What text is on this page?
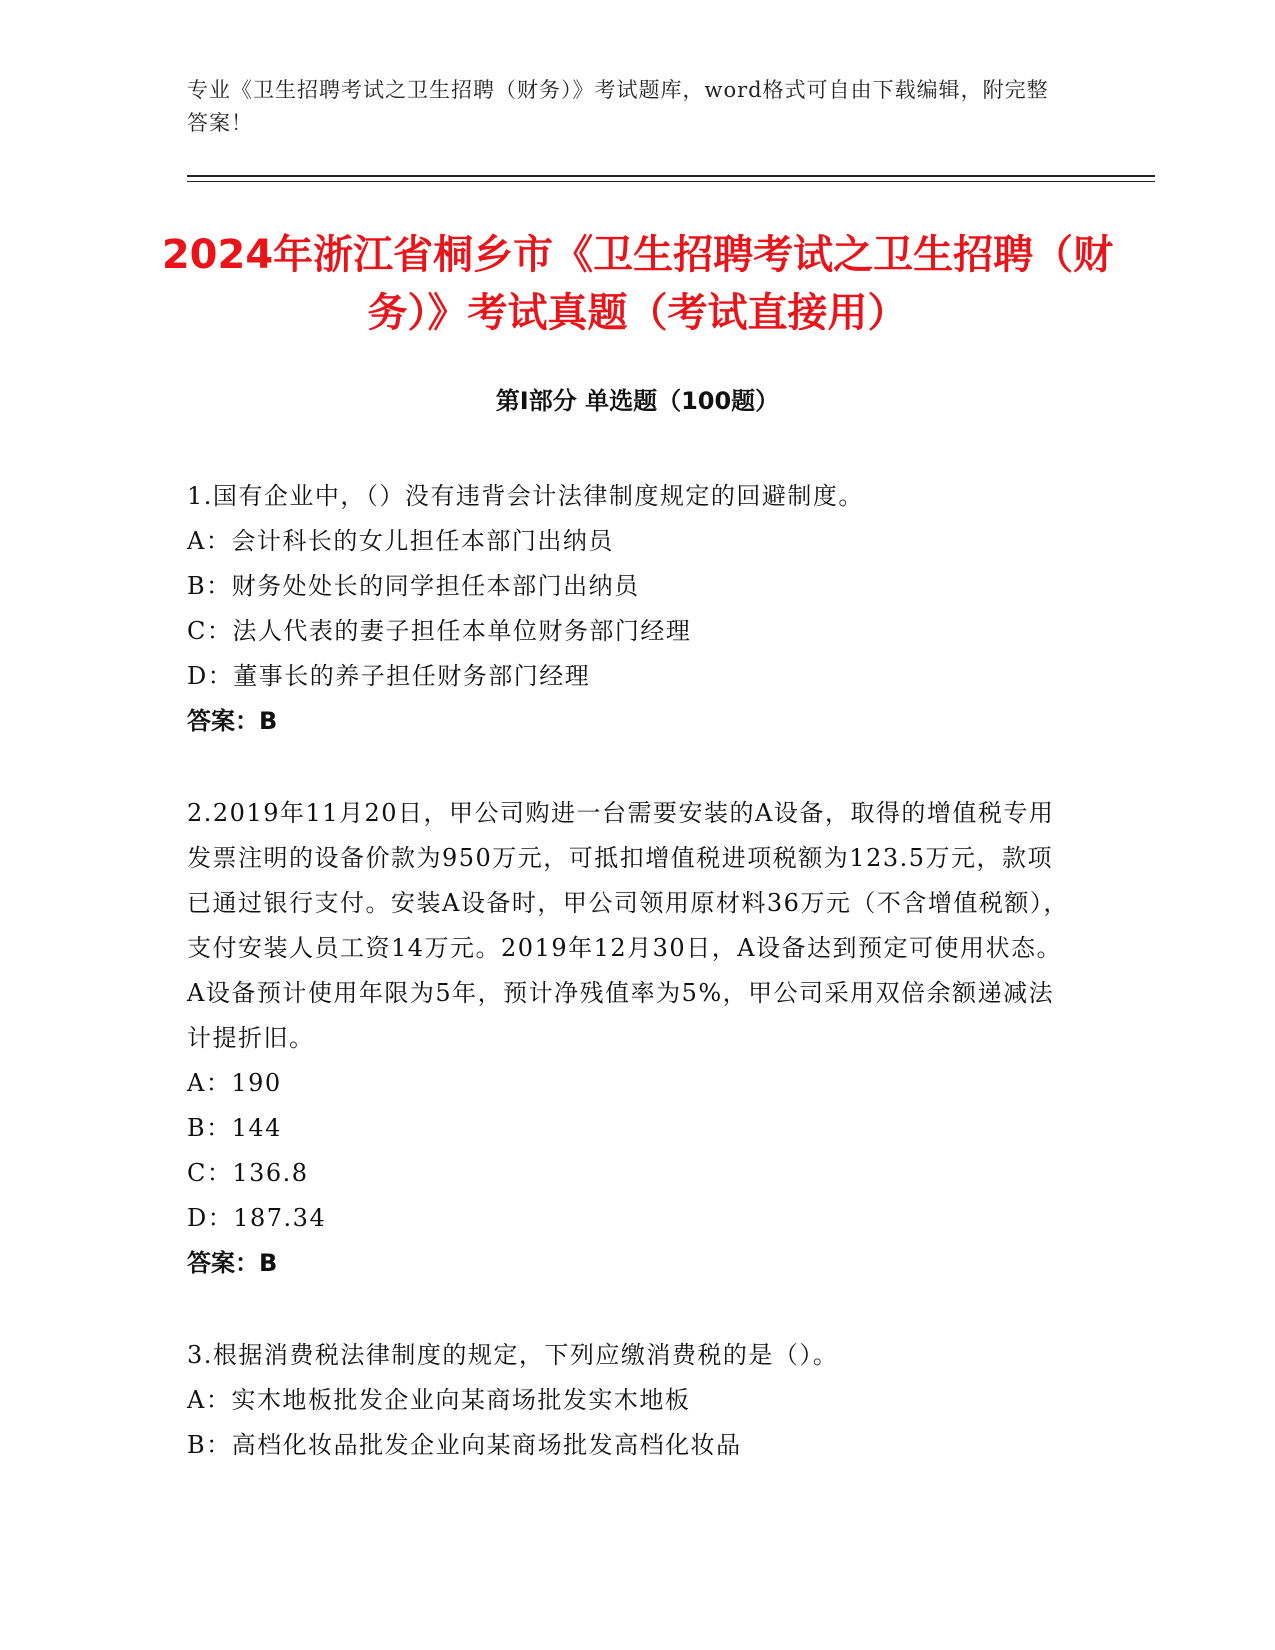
专业《卫生招聘考试之卫生招聘（财务）》考试题库，word格式可自由下载编辑，附完整答案！
2024年浙江省桐乡市《卫生招聘考试之卫生招聘（财务）》考试真题（考试直接用）
第Ⅰ部分 单选题（100题）
1.国有企业中，（）没有违背会计法律制度规定的回避制度。
A：会计科长的女儿担任本部门出纳员
B：财务处处长的同学担任本部门出纳员
C：法人代表的妻子担任本单位财务部门经理
D：董事长的养子担任财务部门经理
答案：B
2.2019年11月20日，甲公司购进一台需要安装的A设备，取得的增值税专用发票注明的设备价款为950万元，可抵扣增值税进项税额为123.5万元，款项已通过银行支付。安装A设备时，甲公司领用原材料36万元（不含增值税额），支付安装人员工资14万元。2019年12月30日，A设备达到预定可使用状态。A设备预计使用年限为5年，预计净残值率为5%，甲公司采用双倍余额递减法计提折旧。
A：190
B：144
C：136.8
D：187.34
答案：B
3.根据消费税法律制度的规定，下列应缴消费税的是（）。
A：实木地板批发企业向某商场批发实木地板
B：高档化妆品批发企业向某商场批发高档化妆品
